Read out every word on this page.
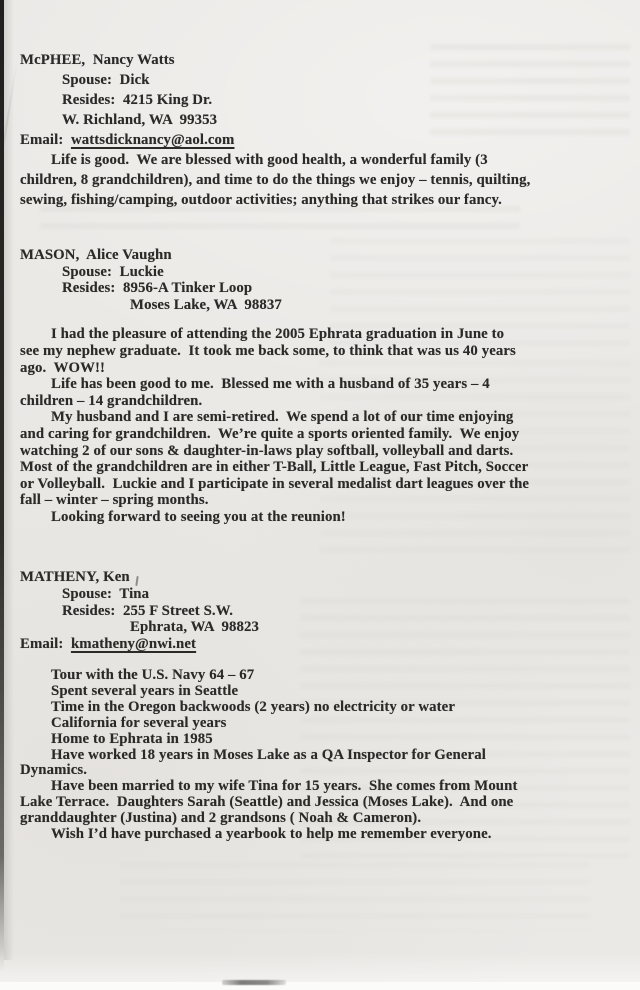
McPHEE,  Nancy Watts
Spouse:  Dick
Resides:  4215 King Dr.
W. Richland, WA  99353
Email:  wattsdicknancy@aol.com
Life is good.  We are blessed with good health, a wonderful family (3
children, 8 grandchildren), and time to do the things we enjoy – tennis, quilting,
sewing, fishing/camping, outdoor activities; anything that strikes our fancy.
MASON,  Alice Vaughn
Spouse:  Luckie
Resides:  8956-A Tinker Loop
Moses Lake, WA  98837
I had the pleasure of attending the 2005 Ephrata graduation in June to
see my nephew graduate.  It took me back some, to think that was us 40 years
ago.  WOW!!
Life has been good to me.  Blessed me with a husband of 35 years – 4
children – 14 grandchildren.
My husband and I are semi-retired.  We spend a lot of our time enjoying
and caring for grandchildren.  We’re quite a sports oriented family.  We enjoy
watching 2 of our sons & daughter-in-laws play softball, volleyball and darts.
Most of the grandchildren are in either T-Ball, Little League, Fast Pitch, Soccer
or Volleyball.  Luckie and I participate in several medalist dart leagues over the
fall – winter – spring months.
Looking forward to seeing you at the reunion!
MATHENY, Ken
Spouse:  Tina
Resides:  255 F Street S.W.
Ephrata, WA  98823
Email:  kmatheny@nwi.net
Tour with the U.S. Navy 64 – 67
Spent several years in Seattle
Time in the Oregon backwoods (2 years) no electricity or water
California for several years
Home to Ephrata in 1985
Have worked 18 years in Moses Lake as a QA Inspector for General
Dynamics.
Have been married to my wife Tina for 15 years.  She comes from Mount
Lake Terrace.  Daughters Sarah (Seattle) and Jessica (Moses Lake).  And one
granddaughter (Justina) and 2 grandsons ( Noah & Cameron).
Wish I’d have purchased a yearbook to help me remember everyone.
